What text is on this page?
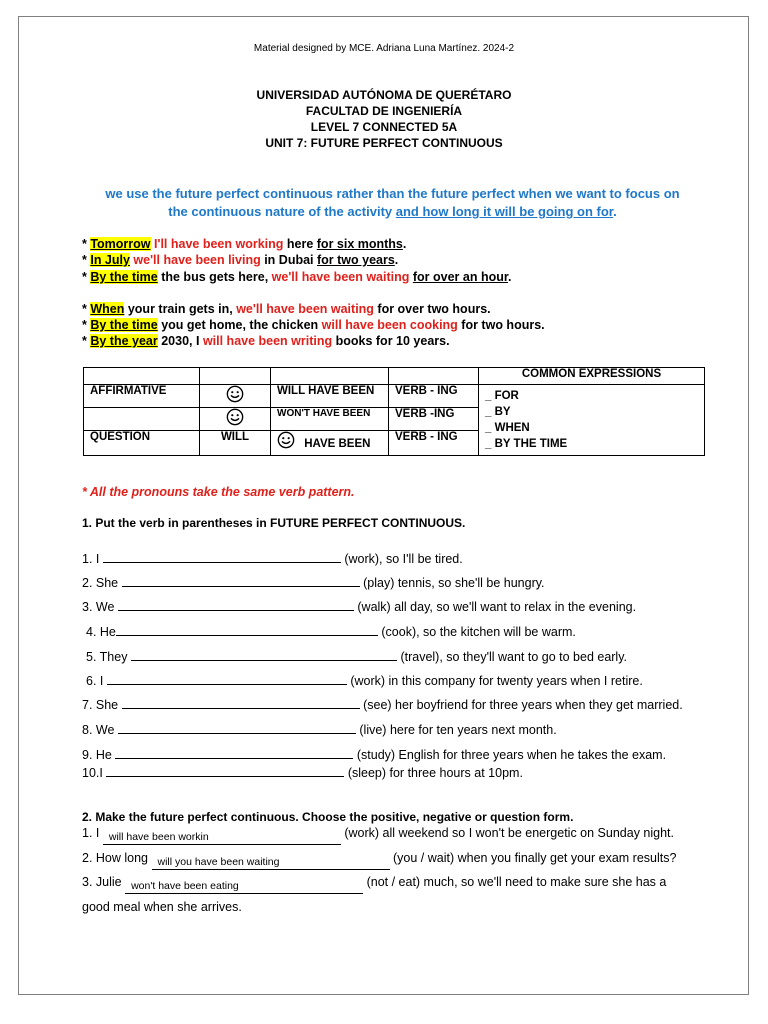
Material designed by MCE. Adriana Luna Martínez. 2024-2
UNIVERSIDAD AUTÓNOMA DE QUERÉTARO
FACULTAD DE INGENIERÍA
LEVEL 7 CONNECTED 5A
UNIT 7: FUTURE PERFECT CONTINUOUS
we use the future perfect continuous rather than the future perfect when we want to focus on
the continuous nature of the activity and how long it will be going on for.
* Tomorrow I'll have been working here for six months.
* In July we'll have been living in Dubai for two years.
* By the time the bus gets here, we'll have been waiting for over an hour.
* When your train gets in, we'll have been waiting for over two hours.
* By the time you get home, the chicken will have been cooking for two hours.
* By the year 2030, I will have been writing books for 10 years.
				COMMON EXPRESSIONS
AFFIRMATIVE		WILL HAVE BEEN	VERB - ING	_ FOR
_ BY
_ WHEN
_ BY THE TIME

		WON'T HAVE BEEN	VERB -ING	
QUESTION	WILL	HAVE BEEN	VERB - ING	
* All the pronouns take the same verb pattern.
1. Put the verb in parentheses in FUTURE PERFECT CONTINUOUS.
1. I	(work), so I'll be tired.
2. She	(play) tennis, so she'll be hungry.
3. We	(walk) all day, so we'll want to relax in the evening.
4. He	(cook), so the kitchen will be warm.
5. They	(travel), so they'll want to go to bed early.
6. I	(work) in this company for twenty years when I retire.
7. She	(see) her boyfriend for three years when they get married.
8. We	(live) here for ten years next month.
9. He	(study) English for three years when he takes the exam.
10.I	(sleep) for three hours at 10pm.
2. Make the future perfect continuous. Choose the positive, negative or question form.
1. I will have been workin	(work) all weekend so I won't be energetic on Sunday night.
2. How long will you have been waiting	(you / wait) when you finally get your exam results?
3. Julie won't have been eating	(not / eat) much, so we'll need to make sure she has a
good meal when she arrives.
